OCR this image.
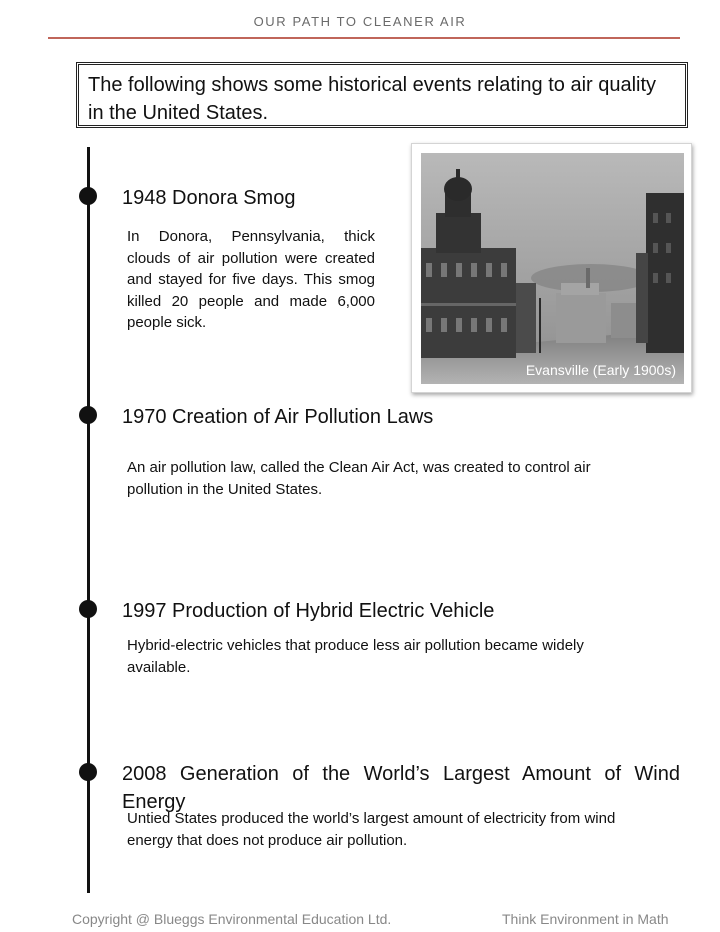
OUR PATH TO CLEANER AIR
The following shows some historical events relating to air quality in the United States.
1948 Donora Smog
In Donora, Pennsylvania, thick clouds of air pollution were created and stayed for five days. This smog killed 20 people and made 6,000 people sick.
Evansville (Early 1900s)
1970 Creation of Air Pollution Laws
An air pollution law, called the Clean Air Act, was created to control air pollution in the United States.
1997 Production of Hybrid Electric Vehicle
Hybrid-electric vehicles that produce less air pollution became widely available.
2008 Generation of the World’s Largest Amount of Wind Energy
Untied States produced the world’s largest amount of electricity from wind energy that does not produce air pollution.
Copyright @ Blueggs Environmental Education Ltd.	Think Environment in Math
